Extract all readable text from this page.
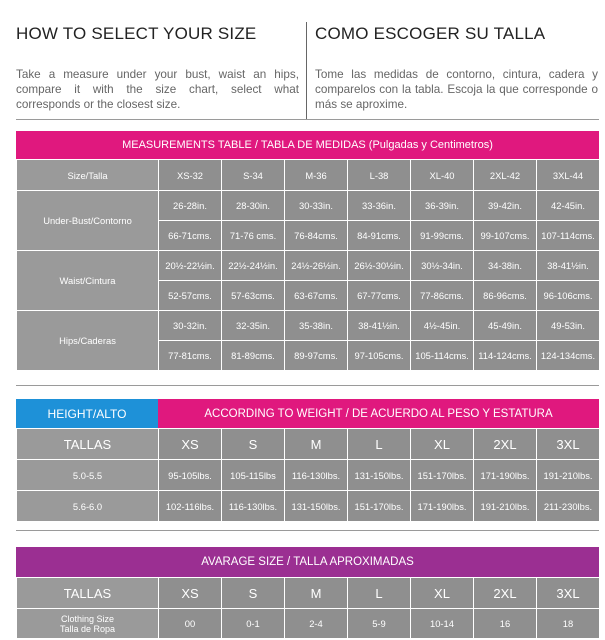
HOW TO SELECT YOUR SIZE	COMO ESCOGER SU TALLA
Take a measure under your bust, waist an hips, compare it with the size chart, select what corresponds or the closest size.
Tome las medidas de contorno, cintura, cadera y comparelos con la tabla. Escoja la que corresponde o más se aproxime.
MEASUREMENTS TABLE / TABLA DE MEDIDAS (Pulgadas y Centimetros)
Size/Talla	XS-32	S-34	M-36	L-38	XL-40	2XL-42	3XL-44
Under-Bust/Contorno	26-28in.	28-30in.	30-33in.	33-36in.	36-39in.	39-42in.	42-45in.
	66-71cms.	71-76 cms.	76-84cms.	84-91cms.	91-99cms.	99-107cms.	107-114cms.
Waist/Cintura	20½-22½in.	22½-24½in.	24½-26½in.	26½-30½in.	30½-34in.	34-38in.	38-41½in.
	52-57cms.	57-63cms.	63-67cms.	67-77cms.	77-86cms.	86-96cms.	96-106cms.
Hips/Caderas	30-32in.	32-35in.	35-38in.	38-41½in.	4½-45in.	45-49in.	49-53in.
	77-81cms.	81-89cms.	89-97cms.	97-105cms.	105-114cms.	114-124cms.	124-134cms.
HEIGHT/ALTO	ACCORDING TO WEIGHT / DE ACUERDO AL PESO Y ESTATURA
TALLAS	XS	S	M	L	XL	2XL	3XL
5.0-5.5	95-105lbs.	105-115lbs	116-130lbs.	131-150lbs.	151-170lbs.	171-190lbs.	191-210lbs.
5.6-6.0	102-116lbs.	116-130lbs.	131-150lbs.	151-170lbs.	171-190lbs.	191-210lbs.	211-230lbs.
AVARAGE SIZE / TALLA APROXIMADAS
TALLAS	XS	S	M	L	XL	2XL	3XL
Clothing Size
Talla de Ropa	00	0-1	2-4	5-9	10-14	16	18
